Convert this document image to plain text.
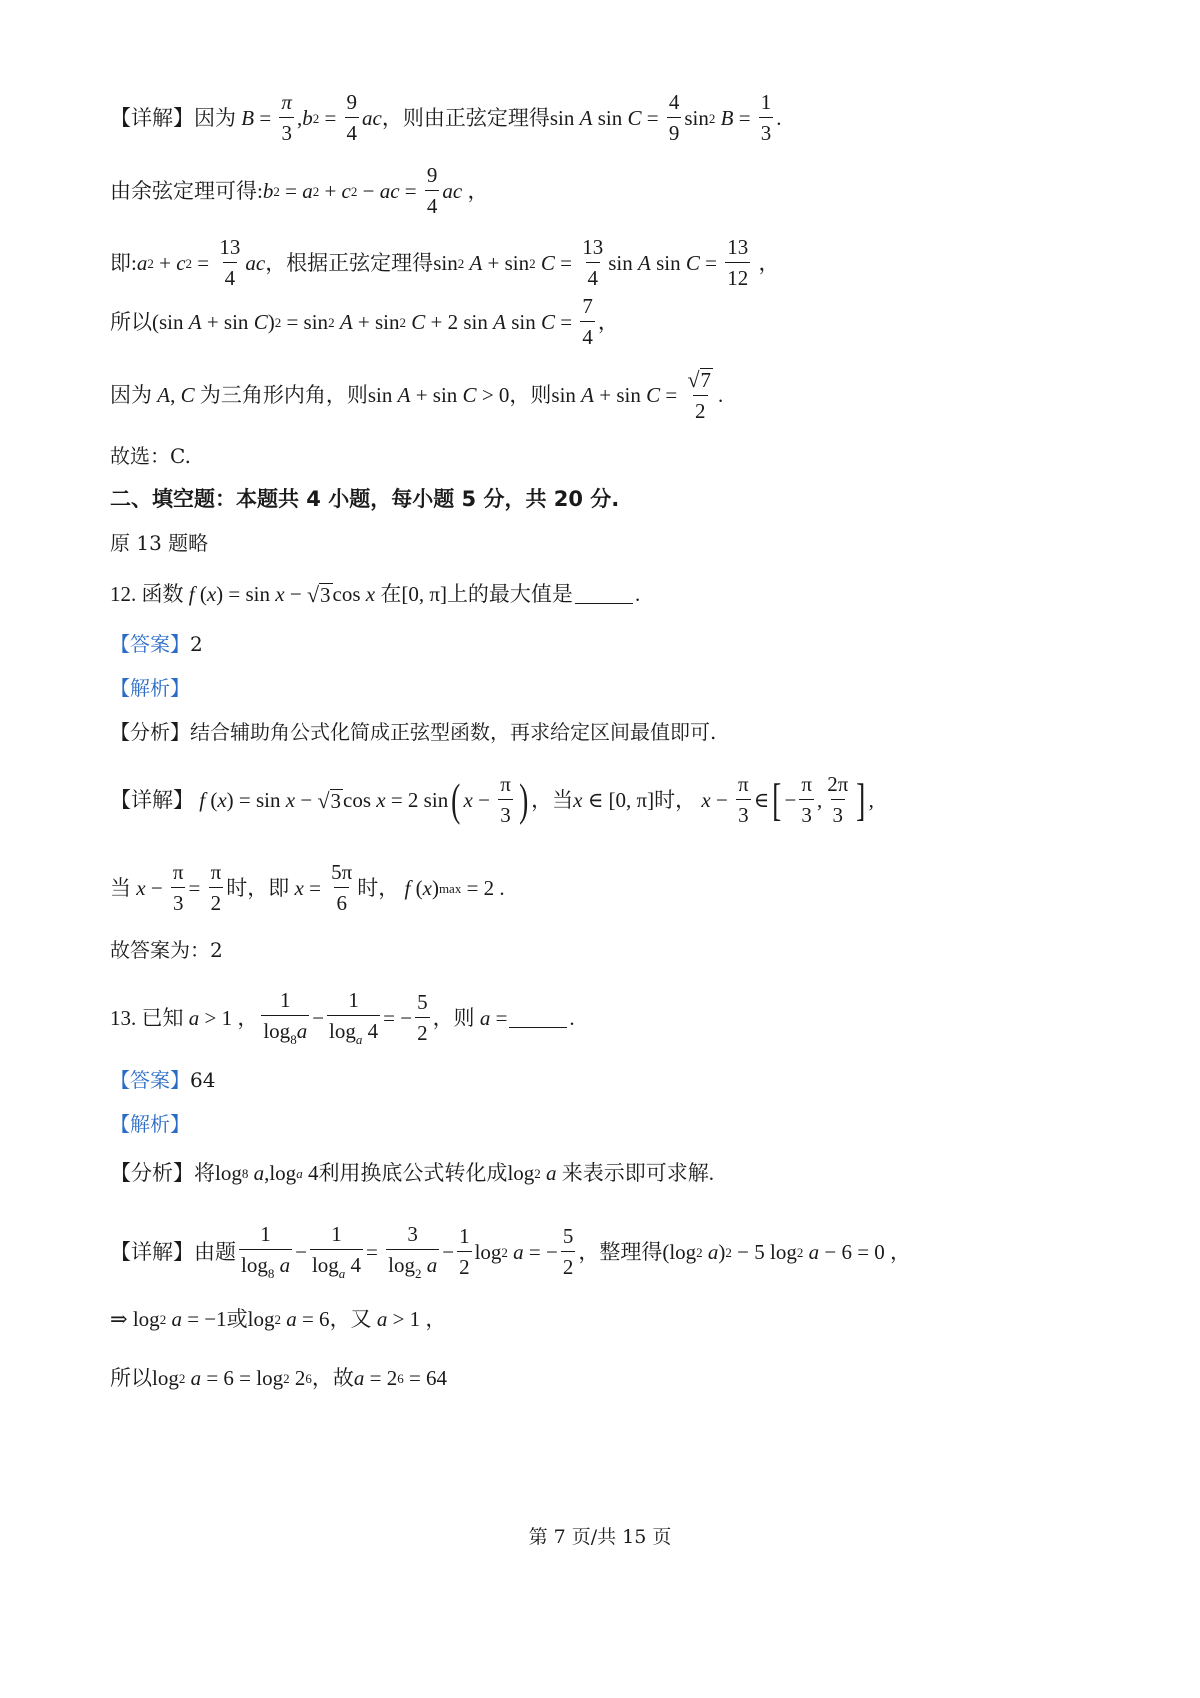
【详解】 因为 $B = \frac{\pi}{3}$ , b $2 = \frac{9}{4}$ ac ，则由正弦定理得 sin A $\sin C = \frac{4}{9}$ sin 2
$B = \frac{1}{3}$ .
由余弦定理可得: b 2 = a 2 + c 2 − ac = $\frac{9}{4}$ ac ，
即: a 2 + c $2 = \frac{13}{4}$ ac ，根据正弦定理得 sin 2
A + sin 2
$C = \frac{13}{4}$ sin A $\sin C = \frac{13}{12}$ ，
所以 (sin A + sin C ) 2 = sin 2
A + sin 2
C + 2 sin A $\sin C = \frac{7}{4}$ ，
因为 A , C
为三角形内角，则 sin A + sin C > 0 ，则 $\sin A + \sin C = \frac{√ 7}{2}$ .
故选：C.
二、填空题：本题共 4 小题，每小题 5 分，共 20 分.
原 13 题略
12.
函数 f ( x ) = sin x − √ 3 cos x
在 [0, π] 上的最大值是	.
【答案】 2
【解析】
【分析】 结合辅助角公式化简成正弦型函数，再求给定区间最值即可.
【详解】 f ( x ) = sin x − √ 3 cos x = 2 sin ( $x - \frac{\pi}{3}$ ) ，当 x ∈ [0, π] 时，
$x - \frac{\pi}{3}$ ∈ [ − $\frac{\pi}{3}$ , $\frac{2\pi}{3}$ ] ,
当 $x - \frac{\pi}{3} = \frac{\pi}{2}$ 时，即 $x = \frac{5\pi}{6}$ 时，
f ( x ) max = 2 .
故答案为：2
13.
已知 a > 1 ， $\frac{1}{\log_8a} - \frac{1}{\log_a 4}$ = − $\frac{5}{2}$ ，则 a =	.
【答案】 64
【解析】
【分析】 将 log 8
a ,log a 4 利用换底公式转化成 log 2
a
来表示即可求解.
【详解】 由题 $\frac{1}{\log_8 a} - \frac{1}{\log_a 4} = \frac{3}{\log_2 a} - \frac{1}{2}$ log 2
a = − $\frac{5}{2}$ ，整理得 (log 2
a ) 2 − 5 log 2
a − 6 = 0 ，
⇒ log 2
a = −1 或 log 2
a = 6 ，又 a > 1 ，
所以 log 2
a = 6 = log 2 2 6 ，故 a = 2 6 = 64
第 7 页/共 15 页
